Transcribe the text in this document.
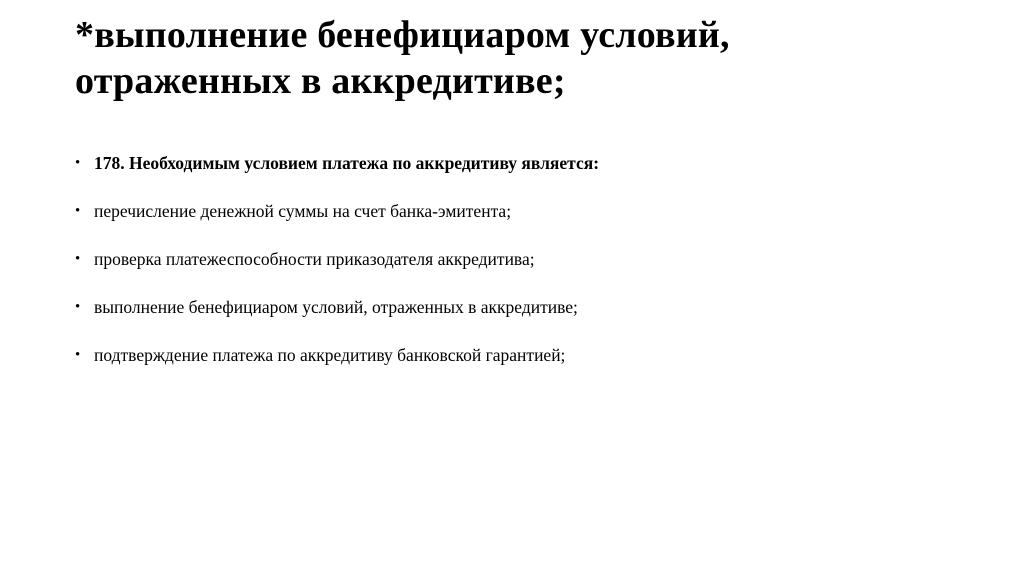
*выполнение бенефициаром условий,
отраженных в аккредитиве;
• 178. Необходимым условием платежа по аккредитиву является:
• перечисление денежной суммы на счет банка-эмитента;
• проверка платежеспособности приказодателя аккредитива;
• выполнение бенефициаром условий, отраженных в аккредитиве;
• подтверждение платежа по аккредитиву банковской гарантией;
